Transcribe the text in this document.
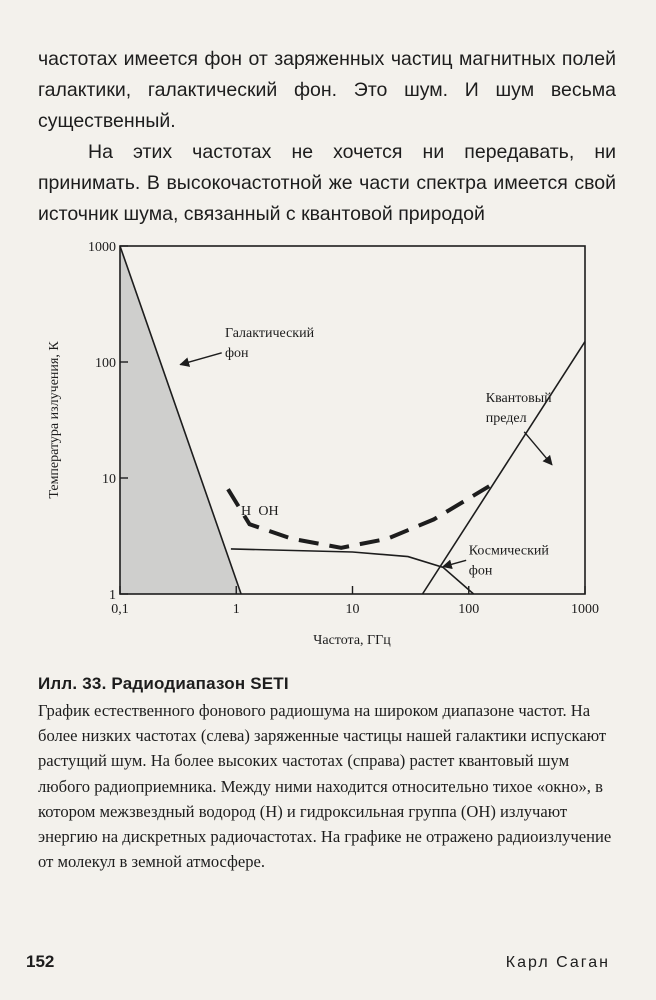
частотах имеется фон от заряженных частиц магнитных полей галактики, галактический фон. Это шум. И шум весьма существенный.

На этих частотах не хочется ни передавать, ни принимать. В высокочастотной же части спектра имеется свой источник шума, связанный с квантовой природой

0,1	1	10	100	1000
1
10
100
1000
Галактический фон
Квантовый предел
Космический фон
H OH
Частота, ГГц
Температура излучения, К
Илл. 33. Радиодиапазон SETI

График естественного фонового радиошума на широком диапазоне частот. На более низких частотах (слева) заряженные частицы нашей галактики испускают растущий шум. На более высоких частотах (справа) растет квантовый шум любого радиоприемника. Между ними находится относительно тихое «окно», в котором межзвездный водород (H) и гидроксильная группа (OH) излучают энергию на дискретных радиочастотах. На графике не отражено радиоизлучение от молекул в земной атмосфере.

152	Карл Саган
